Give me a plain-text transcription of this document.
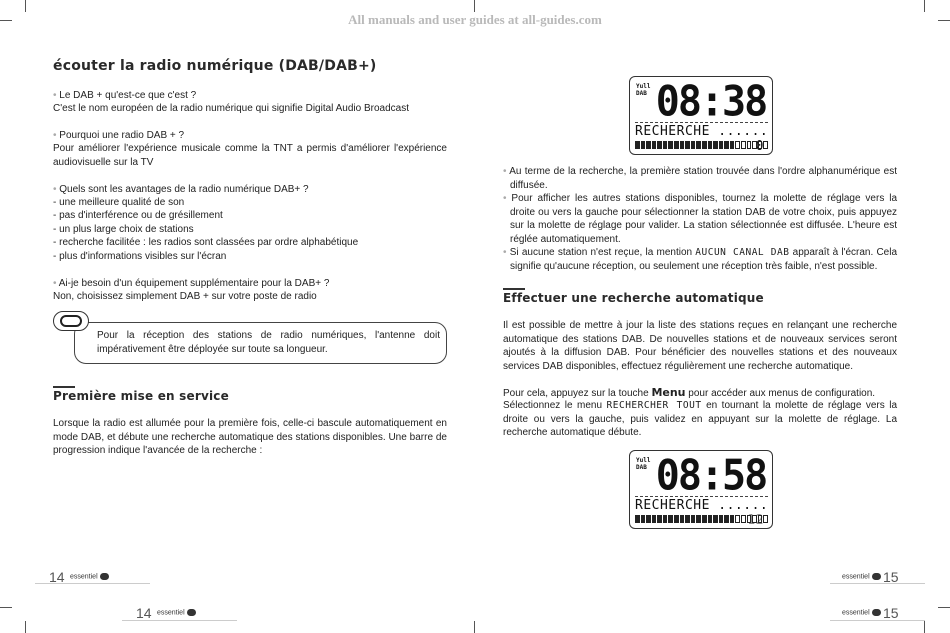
All manuals and user guides at all-guides.com
écouter la radio numérique (DAB/DAB+)
• Le DAB + qu'est-ce que c'est ?
C'est le nom européen de la radio numérique qui signifie Digital Audio Broadcast
• Pourquoi une radio DAB + ?
Pour améliorer l'expérience musicale comme la TNT a permis d'améliorer l'expérience audiovisuelle sur la TV
• Quels sont les avantages de la radio numérique DAB+ ?
- une meilleure qualité de son
- pas d'interférence ou de grésillement
- un plus large choix de stations
- recherche facilitée : les radios sont classées par ordre alphabétique
- plus d'informations visibles sur l'écran
• Ai-je besoin d'un équipement supplémentaire pour la DAB+ ?
Non, choisissez simplement DAB + sur votre poste de radio
Pour la réception des stations de radio numériques, l'antenne doit impérativement être déployée sur toute sa longueur.
Première mise en service
Lorsque la radio est allumée pour la première fois, celle-ci bascule automatiquement en mode DAB, et débute une recherche automatique des stations disponibles. Une barre de progression indique l'avancée de la recherche :
14 essentiel
14 essentiel
Yull
DAB 08:38
RECHERCHE ......
0
• Au terme de la recherche, la première station trouvée dans l'ordre alphanumérique est diffusée.
• Pour afficher les autres stations disponibles, tournez la molette de réglage vers la droite ou vers la gauche pour sélectionner la station DAB de votre choix, puis appuyez sur la molette de réglage pour valider. La station sélectionnée est diffusée. L'heure est réglée automatiquement.
• Si aucune station n'est reçue, la mention AUCUN CANAL DAB apparaît à l'écran. Cela signifie qu'aucune réception, ou seulement une réception très faible, n'est possible.
Effectuer une recherche automatique
Il est possible de mettre à jour la liste des stations reçues en relançant une recherche automatique des stations DAB. De nouvelles stations et de nouveaux services seront ajoutés à la diffusion DAB. Pour bénéficier des nouvelles stations et des nouveaux services DAB disponibles, effectuez régulièrement une recherche automatique.
Pour cela, appuyez sur la touche Menu pour accéder aux menus de configuration.
Sélectionnez le menu RECHERCHER TOUT en tournant la molette de réglage vers la droite ou vers la gauche, puis validez en appuyant sur la molette de réglage. La recherche automatique débute.
Yull
DAB 08:58
RECHERCHE ......
12
essentiel 15
essentiel 15
